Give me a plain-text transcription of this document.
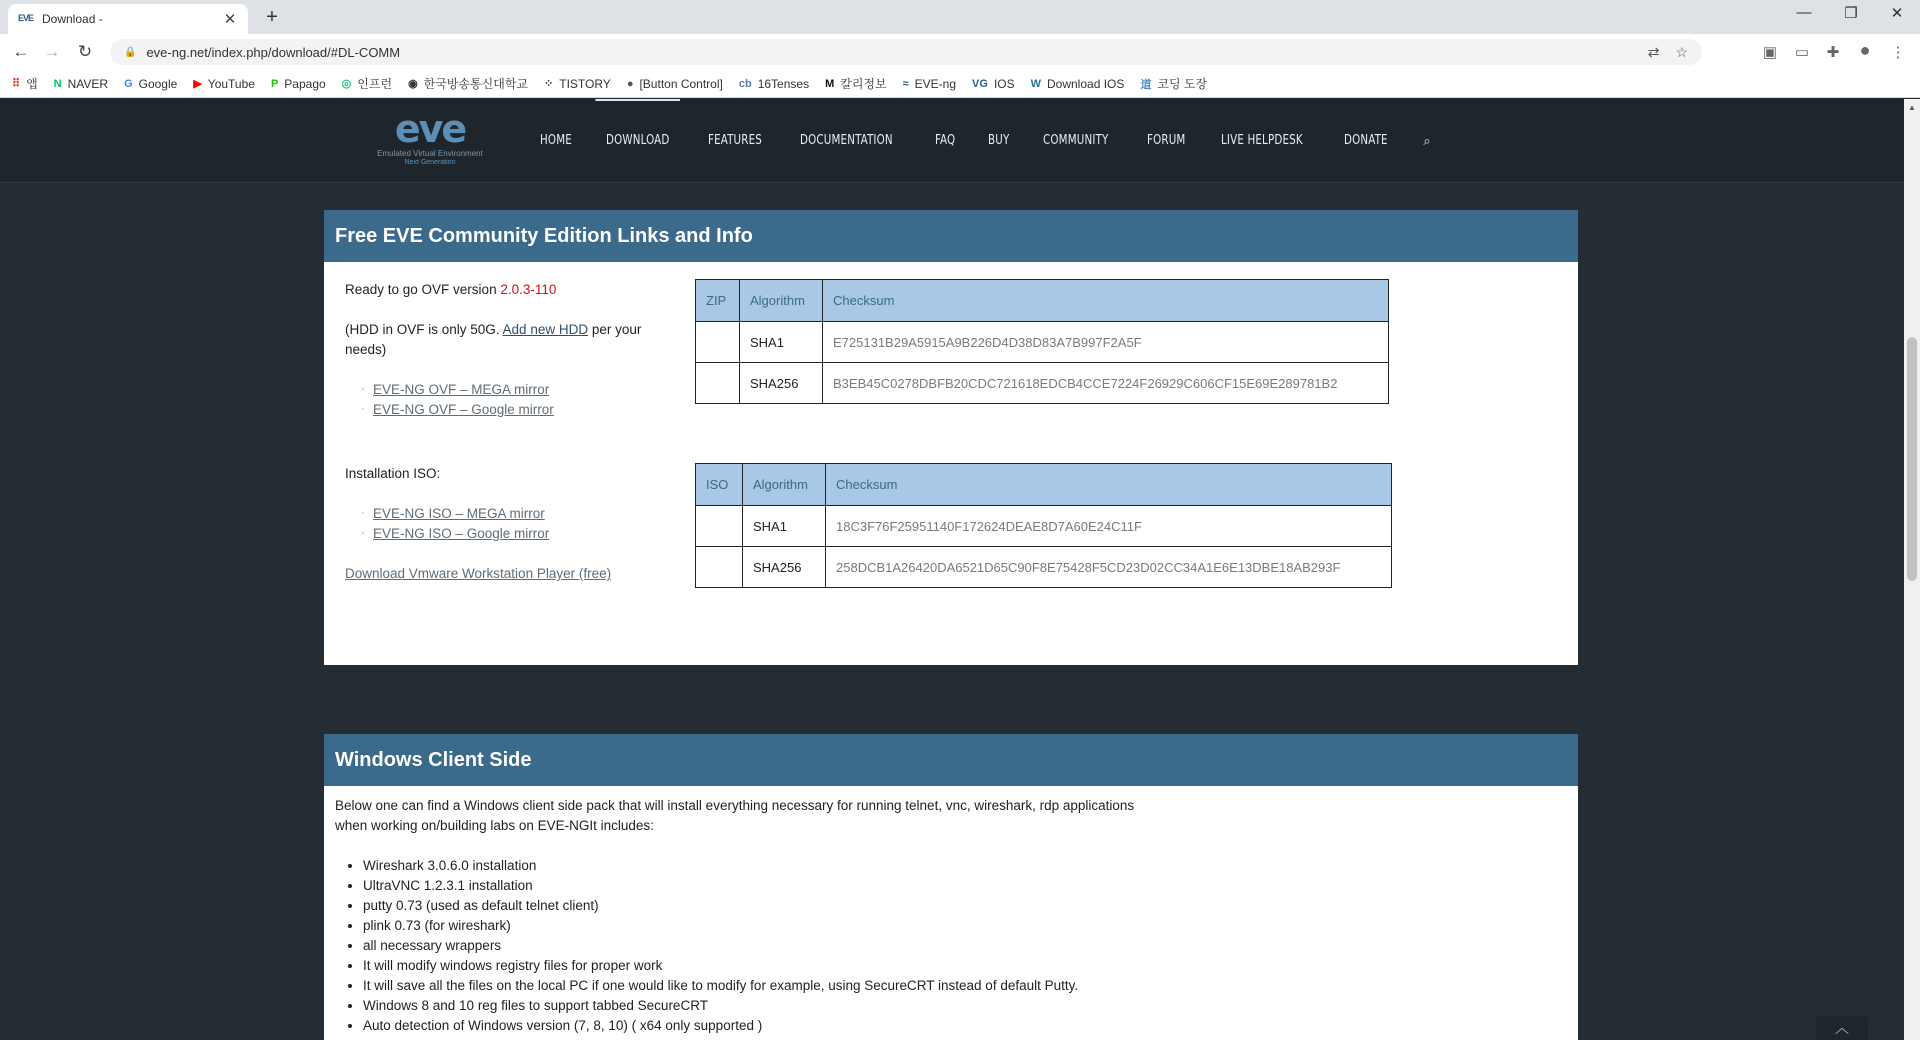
EVE Download -	✕	+	—	❐	✕
← → ↻	🔒 eve-ng.net/index.php/download/#DL-COMM	⇄ ☆	▣ ▭ ✚ ●	⋮
⠿ 앱 N NAVER G Google ▶ YouTube P Papago ◎ 인프런 ◉ 한국방송통신대학교 ⁘ TISTORY ● [Button Control] cb 16Tenses M 칼리정보 ≈ EVE-ng VG IOS W Download IOS 道 코딩 도장
eve
Emulated Virtual Environment
Next Generation
HOME	DOWNLOAD	FEATURES	DOCUMENTATION	FAQ	BUY	COMMUNITY	FORUM	LIVE HELPDESK	DONATE	⌕
Free EVE Community Edition Links and Info
Ready to go OVF version 2.0.3-110
(HDD in OVF is only 50G. Add new HDD per your needs)
◦ EVE-NG OVF – MEGA mirror
◦ EVE-NG OVF – Google mirror
Installation ISO:
◦ EVE-NG ISO – MEGA mirror
◦ EVE-NG ISO – Google mirror
Download Vmware Workstation Player (free)
ZIP	Algorithm	Checksum
	SHA1	E725131B29A5915A9B226D4D38D83A7B997F2A5F
	SHA256	B3EB45C0278DBFB20CDC721618EDCB4CCE7224F26929C606CF15E69E289781B2
ISO	Algorithm	Checksum
	SHA1	18C3F76F25951140F172624DEAE8D7A60E24C11F
	SHA256	258DCB1A26420DA6521D65C90F8E75428F5CD23D02CC34A1E6E13DBE18AB293F
Windows Client Side
Below one can find a Windows client side pack that will install everything necessary for running telnet, vnc, wireshark, rdp applications
when working on/building labs on EVE-NGIt includes:
• Wireshark 3.0.6.0 installation
• UltraVNC 1.2.3.1 installation
• putty 0.73 (used as default telnet client)
• plink 0.73 (for wireshark)
• all necessary wrappers
• It will modify windows registry files for proper work
• It will save all the files on the local PC if one would like to modify for example, using SecureCRT instead of default Putty.
• Windows 8 and 10 reg files to support tabbed SecureCRT
• Auto detection of Windows version (7, 8, 10) ( x64 only supported )
▲
︿
